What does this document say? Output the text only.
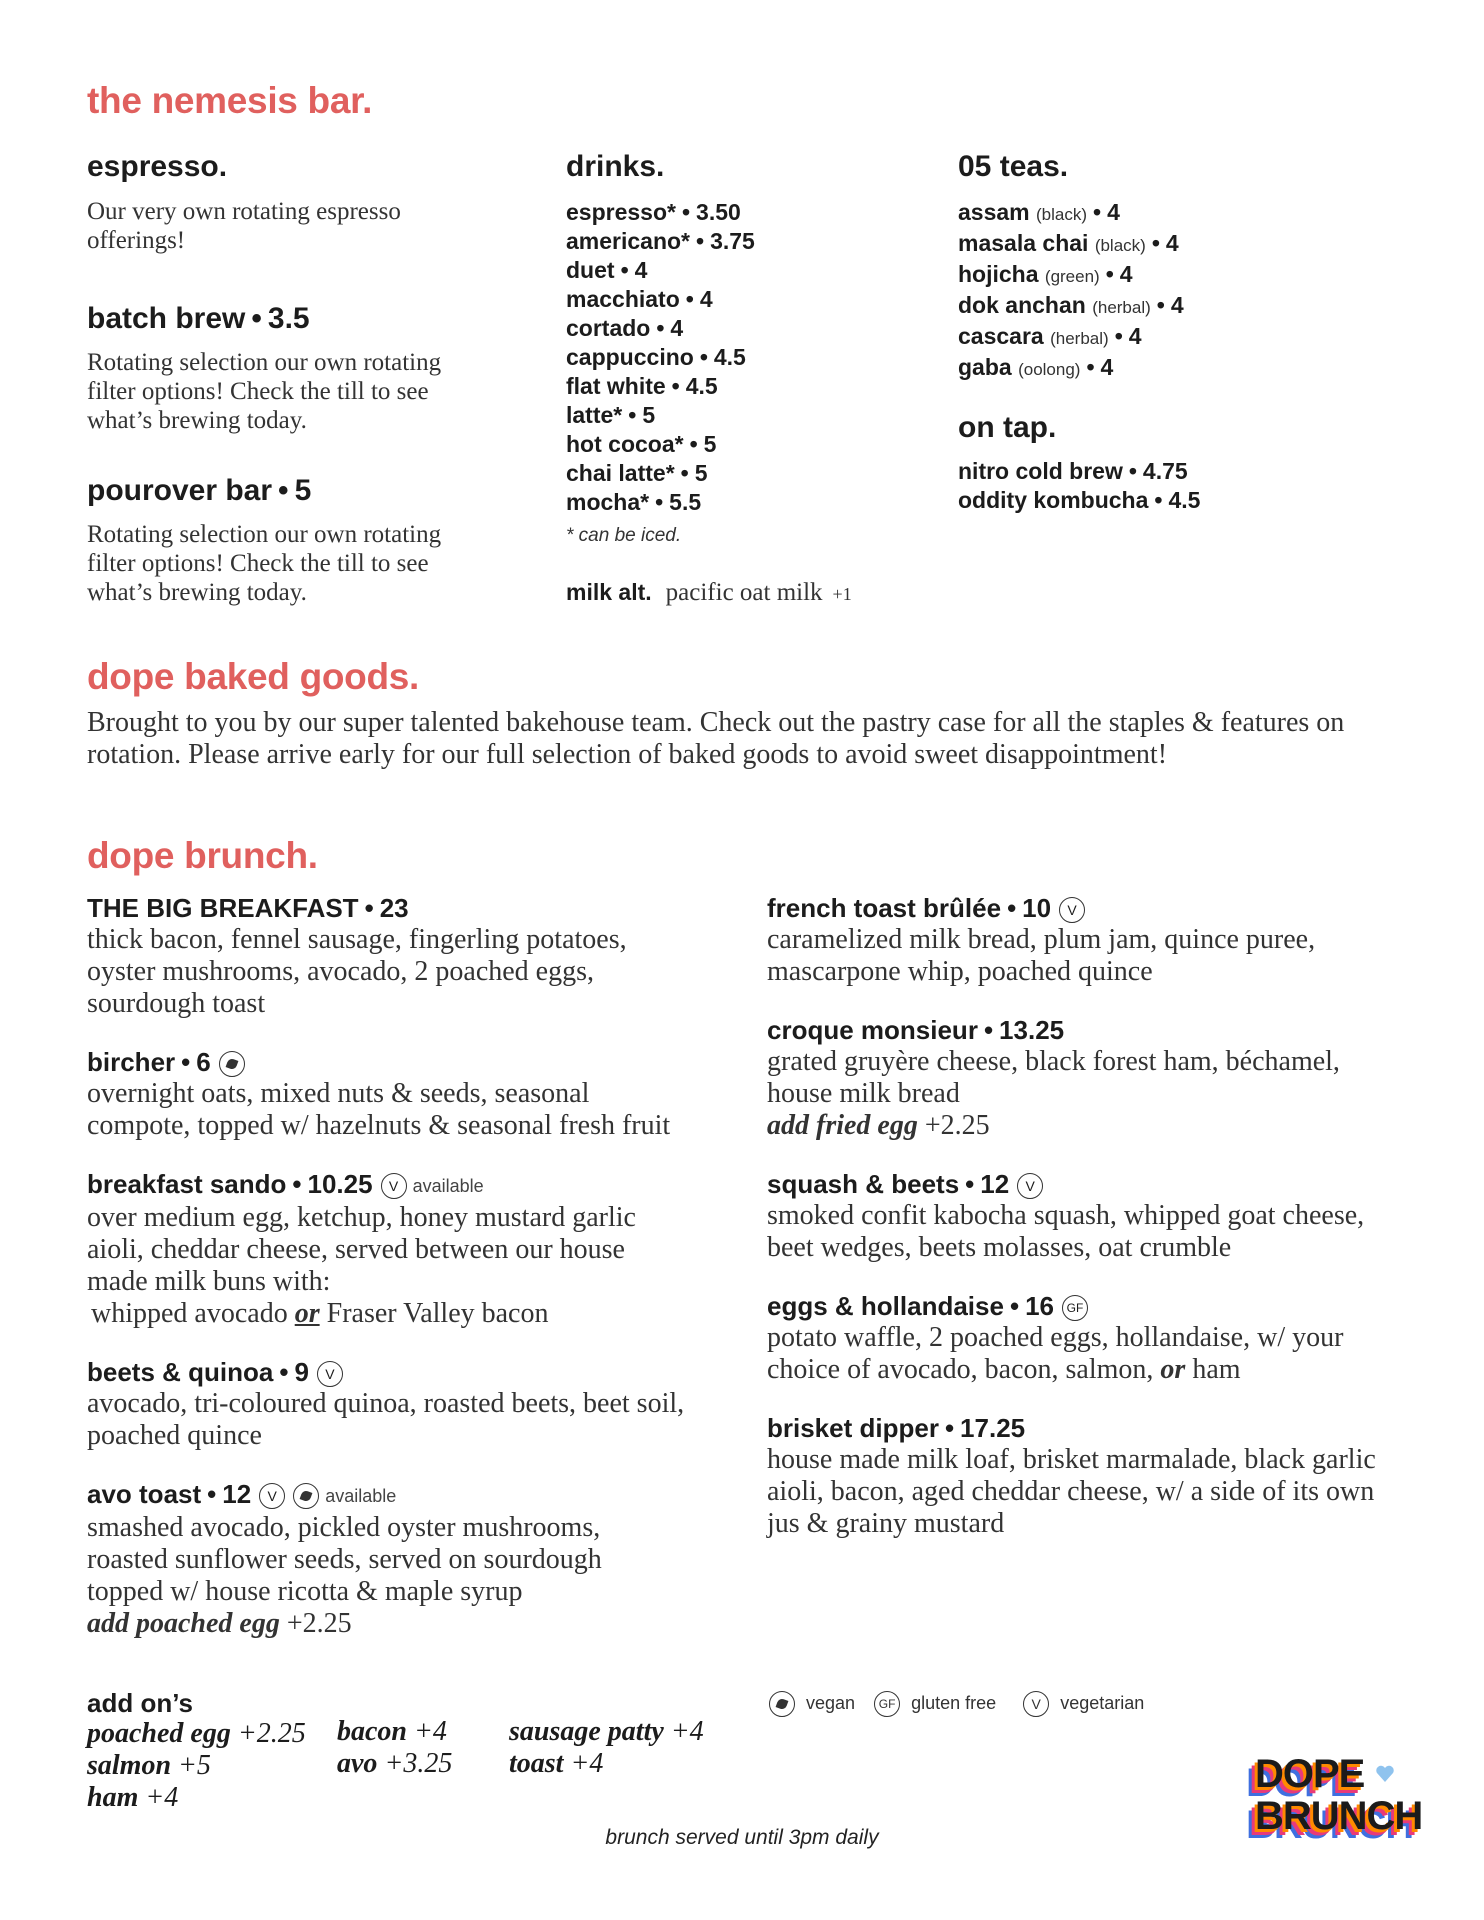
the nemesis bar.
espresso.
Our very own rotating espresso
offerings!
batch brew • 3.5
Rotating selection our own rotating
filter options! Check the till to see
what’s brewing today.
pourover bar • 5
Rotating selection our own rotating
filter options! Check the till to see
what’s brewing today.
drinks.
espresso* • 3.50
americano* • 3.75
duet • 4
macchiato • 4
cortado • 4
cappuccino • 4.5
flat white • 4.5
latte* • 5
hot cocoa* • 5
chai latte* • 5
mocha* • 5.5
* can be iced.
milk alt. pacific oat milk +1
05 teas.
assam (black) • 4
masala chai (black) • 4
hojicha (green) • 4
dok anchan (herbal) • 4
cascara (herbal) • 4
gaba (oolong) • 4
on tap.
nitro cold brew • 4.75
oddity kombucha • 4.5
dope baked goods.
Brought to you by our super talented bakehouse team. Check out the pastry case for all the staples & features on
rotation. Please arrive early for our full selection of baked goods to avoid sweet disappointment!
dope brunch.
THE BIG BREAKFAST • 23
thick bacon, fennel sausage, fingerling potatoes,
oyster mushrooms, avocado, 2 poached eggs,
sourdough toast
bircher • 6
overnight oats, mixed nuts & seeds, seasonal
compote, topped w/ hazelnuts & seasonal fresh fruit
breakfast sando • 10.25 V available
over medium egg, ketchup, honey mustard garlic
aioli, cheddar cheese, served between our house
made milk buns with:
whipped avocado or Fraser Valley bacon
beets & quinoa • 9 V
avocado, tri-coloured quinoa, roasted beets, beet soil,
poached quince
avo toast • 12 V	available
smashed avocado, pickled oyster mushrooms,
roasted sunflower seeds, served on sourdough
topped w/ house ricotta & maple syrup
add poached egg +2.25
french toast brûlée • 10 V
caramelized milk bread, plum jam, quince puree,
mascarpone whip, poached quince
croque monsieur • 13.25
grated gruyère cheese, black forest ham, béchamel,
house milk bread
add fried egg +2.25
squash & beets • 12 V
smoked confit kabocha squash, whipped goat cheese,
beet wedges, beets molasses, oat crumble
eggs & hollandaise • 16 GF
potato waffle, 2 poached eggs, hollandaise, w/ your
choice of avocado, bacon, salmon, or ham
brisket dipper • 17.25
house made milk loaf, brisket marmalade, black garlic
aioli, bacon, aged cheddar cheese, w/ a side of its own
jus & grainy mustard
add on’s
poached egg +2.25
salmon +5
ham +4
bacon +4
avo +3.25
sausage patty +4
toast +4
vegan GF gluten free	V vegetarian
brunch served until 3pm daily
DOPE
BRUNCH
